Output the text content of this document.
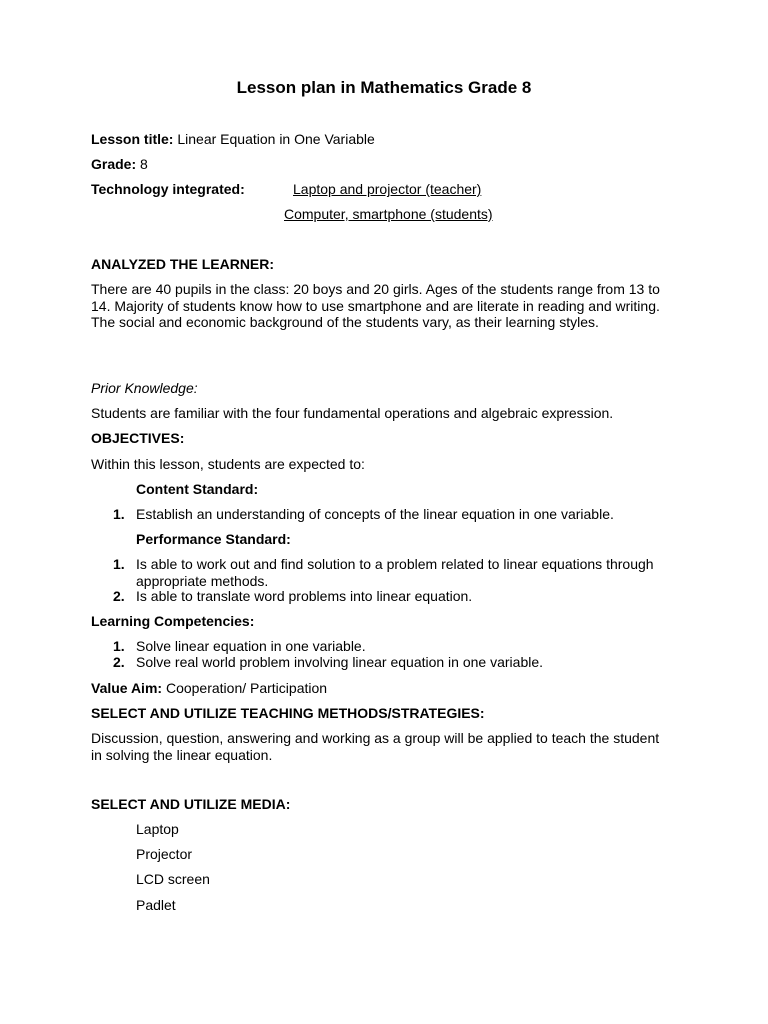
Lesson plan in Mathematics Grade 8
Lesson title: Linear Equation in One Variable
Grade: 8
Technology integrated:	Laptop and projector (teacher)
Computer, smartphone (students)
ANALYZED THE LEARNER:
There are 40 pupils in the class: 20 boys and 20 girls. Ages of the students range from 13 to 14. Majority of students know how to use smartphone and are literate in reading and writing. The social and economic background of the students vary, as their learning styles.
Prior Knowledge:
Students are familiar with the four fundamental operations and algebraic expression.
OBJECTIVES:
Within this lesson, students are expected to:
Content Standard:
1. Establish an understanding of concepts of the linear equation in one variable.
Performance Standard:
1. Is able to work out and find solution to a problem related to linear equations through appropriate methods.
2. Is able to translate word problems into linear equation.
Learning Competencies:
1. Solve linear equation in one variable.
2. Solve real world problem involving linear equation in one variable.
Value Aim: Cooperation/ Participation
SELECT AND UTILIZE TEACHING METHODS/STRATEGIES:
Discussion, question, answering and working as a group will be applied to teach the student in solving the linear equation.
SELECT AND UTILIZE MEDIA:
Laptop
Projector
LCD screen
Padlet
